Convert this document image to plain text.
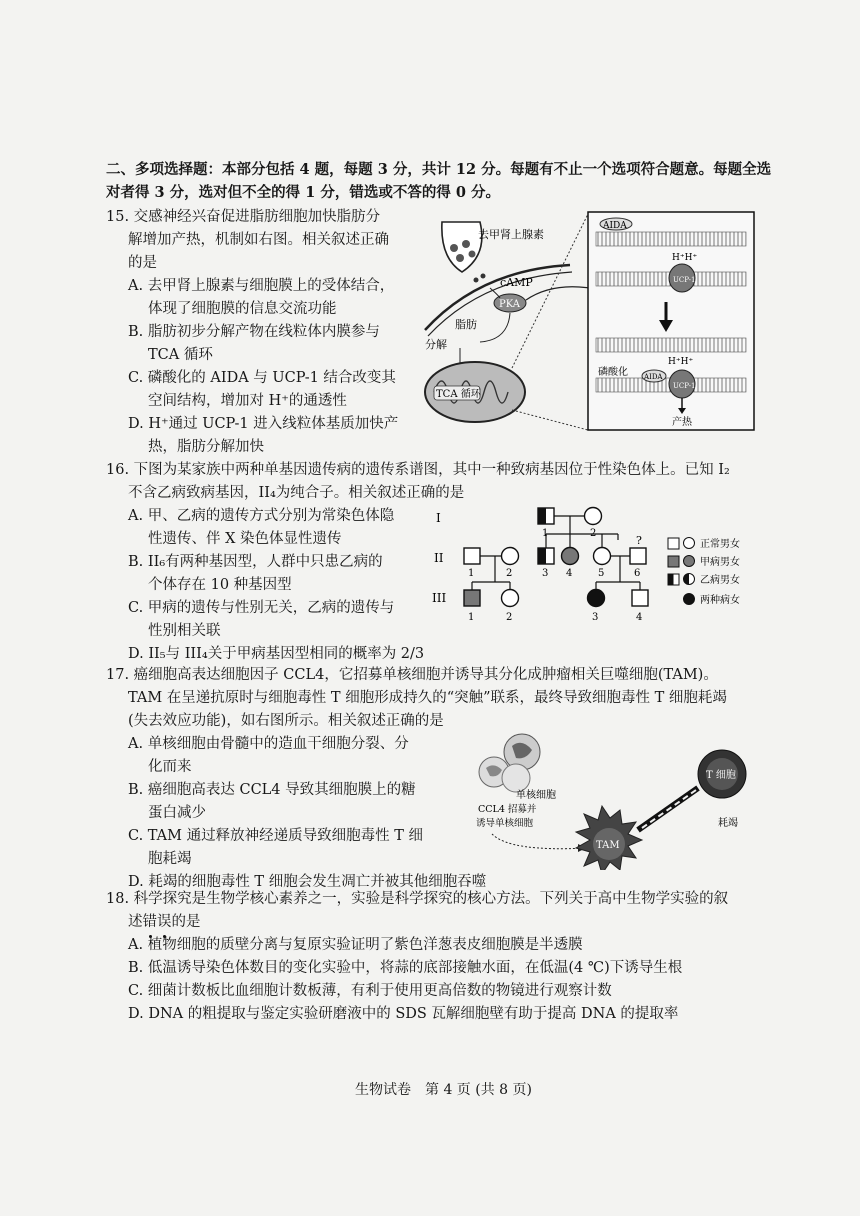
二、多项选择题：本部分包括 4 题，每题 3 分，共计 12 分。每题有不止一个选项符合题意。每题全选
对者得 3 分，选对但不全的得 1 分，错选或不答的得 0 分。
15. 交感神经兴奋促进脂肪细胞加快脂肪分
解增加产热，机制如右图。相关叙述正确
的是
A. 去甲肾上腺素与细胞膜上的受体结合，
体现了细胞膜的信息交流功能
B. 脂肪初步分解产物在线粒体内膜参与
TCA 循环
C. 磷酸化的 AIDA 与 UCP-1 结合改变其
空间结构，增加对 H⁺的通透性
D. H⁺通过 UCP-1 进入线粒体基质加快产
热，脂肪分解加快
去甲肾上腺素
cAMP
PKA
脂肪
分解
TCA 循环
AIDA
UCP-1
H⁺H⁺
H⁺H⁺
UCP-1
AIDA
磷酸化
产热
16. 下图为某家族中两种单基因遗传病的遗传系谱图，其中一种致病基因位于性染色体上。已知 I₂
不含乙病致病基因，II₄为纯合子。相关叙述正确的是
A. 甲、乙病的遗传方式分别为常染色体隐
性遗传、伴 X 染色体显性遗传
B. II₆有两种基因型，人群中只患乙病的
个体存在 10 种基因型
C. 甲病的遗传与性别无关，乙病的遗传与
性别相关联
D. II₅与 III₄关于甲病基因型相同的概率为 2/3
I
II
III
1	2
?
1	2	3 4	5	6
1	2	3	4
正常男女
甲病男女
乙病男女
两种病女
17. 癌细胞高表达细胞因子 CCL4，它招募单核细胞并诱导其分化成肿瘤相关巨噬细胞(TAM)。
TAM 在呈递抗原时与细胞毒性 T 细胞形成持久的“突触”联系，最终导致细胞毒性 T 细胞耗竭
(失去效应功能)，如右图所示。相关叙述正确的是
A. 单核细胞由骨髓中的造血干细胞分裂、分
化而来
B. 癌细胞高表达 CCL4 导致其细胞膜上的糖
蛋白减少
C. TAM 通过释放神经递质导致细胞毒性 T 细
胞耗竭
D. 耗竭的细胞毒性 T 细胞会发生凋亡并被其他细胞吞噬
单核细胞
CCL4 招募并
诱导单核细胞
TAM
T 细胞
耗竭
18. 科学探究是生物学核心素养之一，实验是科学探究的核心方法。下列关于高中生物学实验的叙
述错误的是
A. 植物细胞的质壁分离与复原实验证明了紫色洋葱表皮细胞膜是半透膜
B. 低温诱导染色体数目的变化实验中，将蒜的底部接触水面，在低温(4 ℃)下诱导生根
C. 细菌计数板比血细胞计数板薄，有利于使用更高倍数的物镜进行观察计数
D. DNA 的粗提取与鉴定实验研磨液中的 SDS 瓦解细胞壁有助于提高 DNA 的提取率
生物试卷　第 4 页 (共 8 页)
